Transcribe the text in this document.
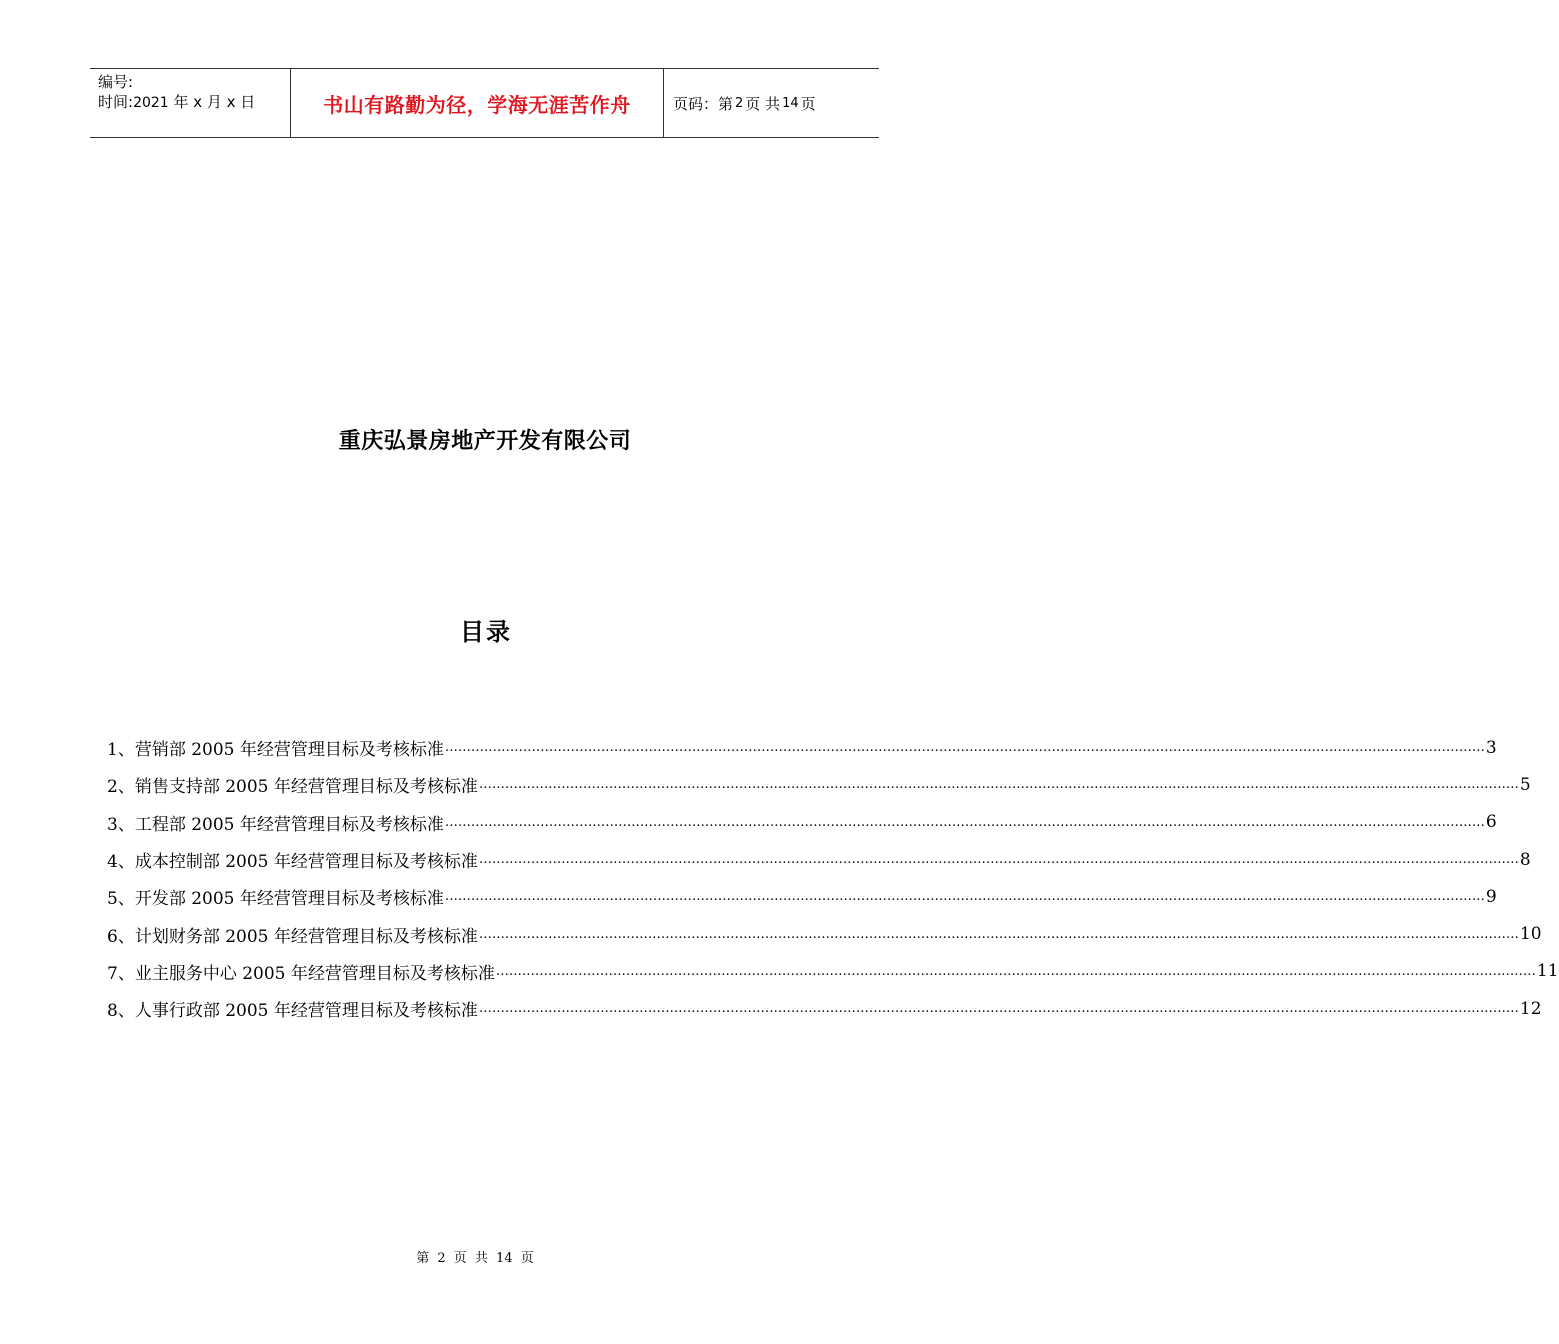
编号:
时间:2021 年 x 月 x 日	书山有路勤为径，学海无涯苦作舟	页码：第 2 页 共 14 页
重庆弘景房地产开发有限公司
目录
1、营销部 2005 年经营管理目标及考核标准 …………………………………………………………………………………………………………………………………………………………………………………………………………………… 3
2、销售支持部 2005 年经营管理目标及考核标准 …………………………………………………………………………………………………………………………………………………………………………………………………………………… 5
3、工程部 2005 年经营管理目标及考核标准 …………………………………………………………………………………………………………………………………………………………………………………………………………………… 6
4、成本控制部 2005 年经营管理目标及考核标准 …………………………………………………………………………………………………………………………………………………………………………………………………………………… 8
5、开发部 2005 年经营管理目标及考核标准 …………………………………………………………………………………………………………………………………………………………………………………………………………………… 9
6、计划财务部 2005 年经营管理目标及考核标准 …………………………………………………………………………………………………………………………………………………………………………………………………………………… 10
7、业主服务中心 2005 年经营管理目标及考核标准 …………………………………………………………………………………………………………………………………………………………………………………………………………………… 11
8、人事行政部 2005 年经营管理目标及考核标准 …………………………………………………………………………………………………………………………………………………………………………………………………………………… 12
第 2 页 共 14 页
